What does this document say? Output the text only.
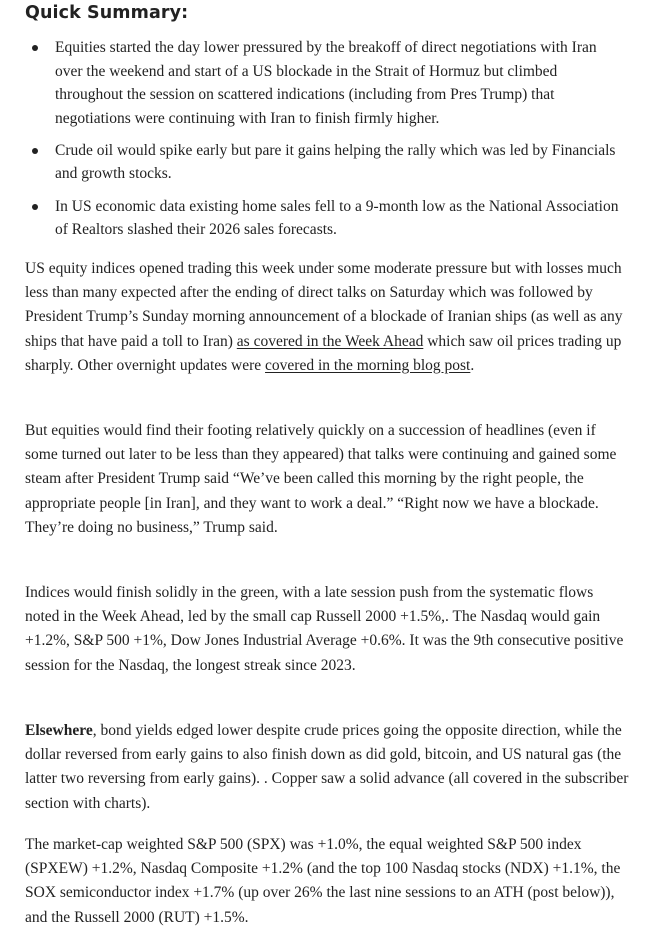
Quick Summary:
Equities started the day lower pressured by the breakoff of direct negotiations with Iran over the weekend and start of a US blockade in the Strait of Hormuz but climbed throughout the session on scattered indications (including from Pres Trump) that negotiations were continuing with Iran to finish firmly higher.
Crude oil would spike early but pare it gains helping the rally which was led by Financials and growth stocks.
In US economic data existing home sales fell to a 9-month low as the National Association of Realtors slashed their 2026 sales forecasts.

US equity indices opened trading this week under some moderate pressure but with losses much less than many expected after the ending of direct talks on Saturday which was followed by President Trump’s Sunday morning announcement of a blockade of Iranian ships (as well as any ships that have paid a toll to Iran) as covered in the Week Ahead which saw oil prices trading up sharply. Other overnight updates were covered in the morning blog post.

But equities would find their footing relatively quickly on a succession of headlines (even if some turned out later to be less than they appeared) that talks were continuing and gained some steam after President Trump said “We’ve been called this morning by the right people, the appropriate people [in Iran], and they want to work a deal.” “Right now we have a blockade. They’re doing no business,” Trump said.

Indices would finish solidly in the green, with a late session push from the systematic flows noted in the Week Ahead, led by the small cap Russell 2000 +1.5%,. The Nasdaq would gain +1.2%, S&P 500 +1%, Dow Jones Industrial Average +0.6%. It was the 9th consecutive positive session for the Nasdaq, the longest streak since 2023.

Elsewhere, bond yields edged lower despite crude prices going the opposite direction, while the dollar reversed from early gains to also finish down as did gold, bitcoin, and US natural gas (the latter two reversing from early gains). . Copper saw a solid advance (all covered in the subscriber section with charts).

The market-cap weighted S&P 500 (SPX) was +1.0%, the equal weighted S&P 500 index (SPXEW) +1.2%, Nasdaq Composite +1.2% (and the top 100 Nasdaq stocks (NDX) +1.1%, the SOX semiconductor index +1.7% (up over 26% the last nine sessions to an ATH (post below)), and the Russell 2000 (RUT) +1.5%.
